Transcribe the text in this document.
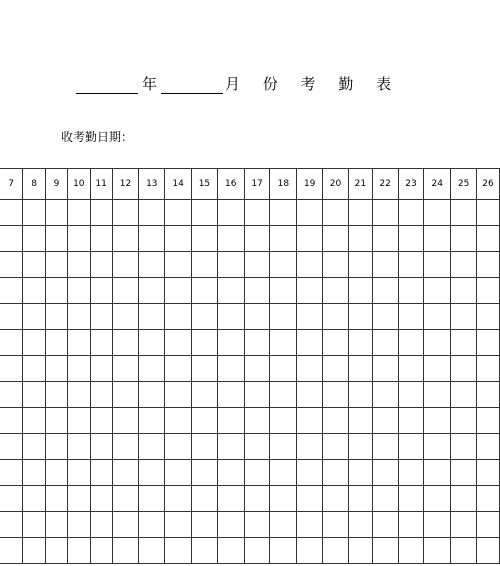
年	月 份 考 勤 表
收考勤日期：
7	8	9	10	11	12	13	14	15	16	17	18	19	20	21	22	23	24	25	26
